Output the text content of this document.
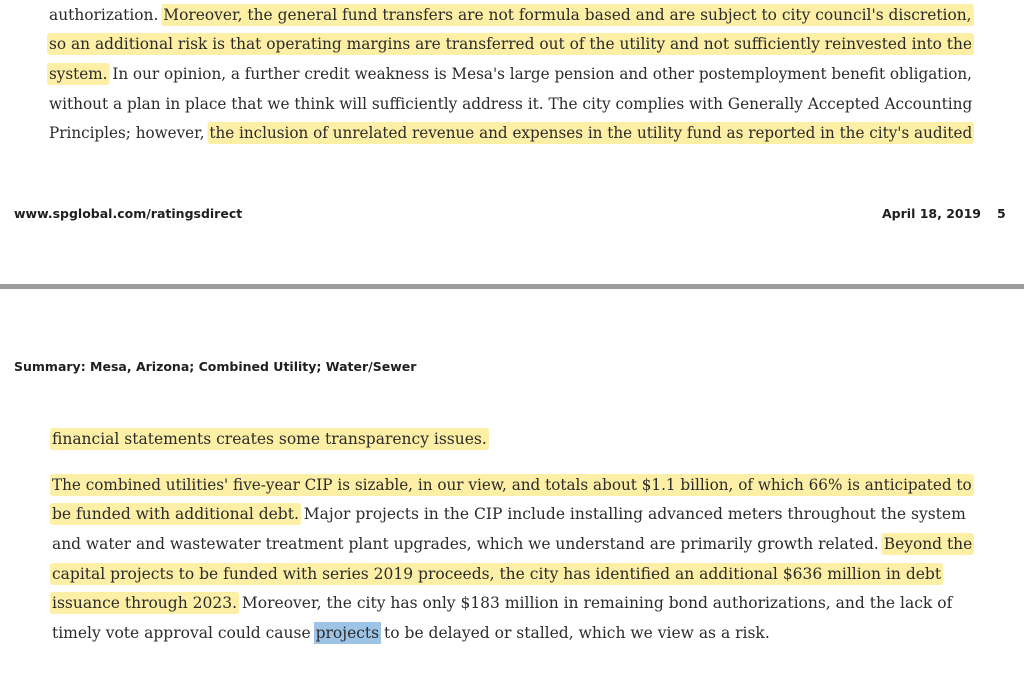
authorization. Moreover, the general fund transfers are not formula based and are subject to city council's discretion,
so an additional risk is that operating margins are transferred out of the utility and not sufficiently reinvested into the
system. In our opinion, a further credit weakness is Mesa's large pension and other postemployment benefit obligation,
without a plan in place that we think will sufficiently address it. The city complies with Generally Accepted Accounting
Principles; however, the inclusion of unrelated revenue and expenses in the utility fund as reported in the city's audited
www.spglobal.com/ratingsdirect	April 18, 2019 5
Summary: Mesa, Arizona; Combined Utility; Water/Sewer
financial statements creates some transparency issues.
The combined utilities' five-year CIP is sizable, in our view, and totals about $1.1 billion, of which 66% is anticipated to
be funded with additional debt. Major projects in the CIP include installing advanced meters throughout the system
and water and wastewater treatment plant upgrades, which we understand are primarily growth related. Beyond the
capital projects to be funded with series 2019 proceeds, the city has identified an additional $636 million in debt
issuance through 2023. Moreover, the city has only $183 million in remaining bond authorizations, and the lack of
timely vote approval could cause projects to be delayed or stalled, which we view as a risk.
